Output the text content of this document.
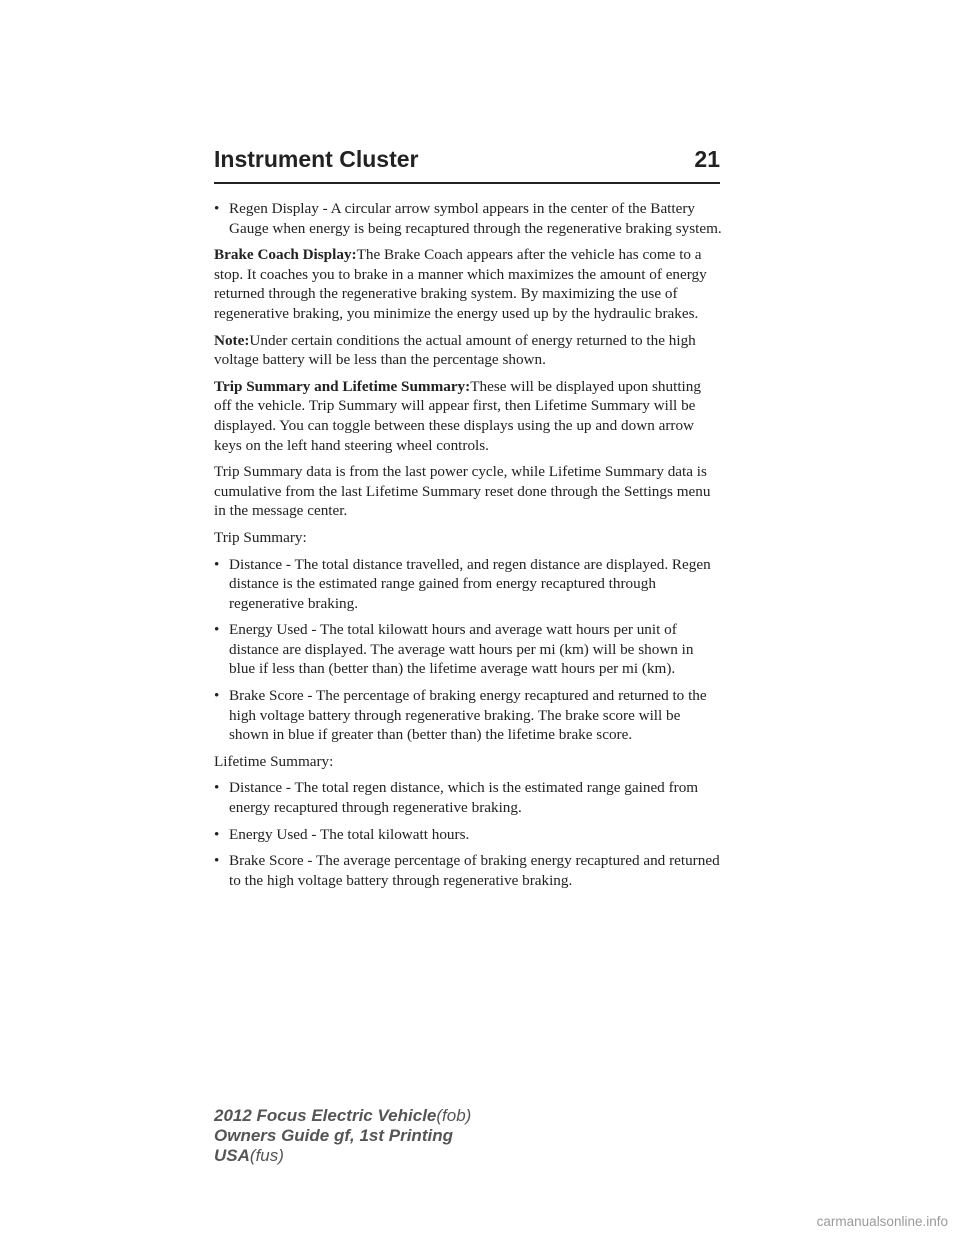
Instrument Cluster	21
• Regen Display - A circular arrow symbol appears in the center of the Battery Gauge when energy is being recaptured through the regenerative braking system.

Brake Coach Display:The Brake Coach appears after the vehicle has come to a stop. It coaches you to brake in a manner which maximizes the amount of energy returned through the regenerative braking system. By maximizing the use of regenerative braking, you minimize the energy used up by the hydraulic brakes.

Note:Under certain conditions the actual amount of energy returned to the high voltage battery will be less than the percentage shown.

Trip Summary and Lifetime Summary:These will be displayed upon shutting off the vehicle. Trip Summary will appear first, then Lifetime Summary will be displayed. You can toggle between these displays using the up and down arrow keys on the left hand steering wheel controls.

Trip Summary data is from the last power cycle, while Lifetime Summary data is cumulative from the last Lifetime Summary reset done through the Settings menu in the message center.

Trip Summary:

• Distance - The total distance travelled, and regen distance are displayed. Regen distance is the estimated range gained from energy recaptured through regenerative braking.
• Energy Used - The total kilowatt hours and average watt hours per unit of distance are displayed. The average watt hours per mi (km) will be shown in blue if less than (better than) the lifetime average watt hours per mi (km).
• Brake Score - The percentage of braking energy recaptured and returned to the high voltage battery through regenerative braking. The brake score will be shown in blue if greater than (better than) the lifetime brake score.

Lifetime Summary:

• Distance - The total regen distance, which is the estimated range gained from energy recaptured through regenerative braking.
• Energy Used - The total kilowatt hours.
• Brake Score - The average percentage of braking energy recaptured and returned to the high voltage battery through regenerative braking.
2012 Focus Electric Vehicle(fob)
Owners Guide gf, 1st Printing
USA(fus)
carmanualsonline.info
